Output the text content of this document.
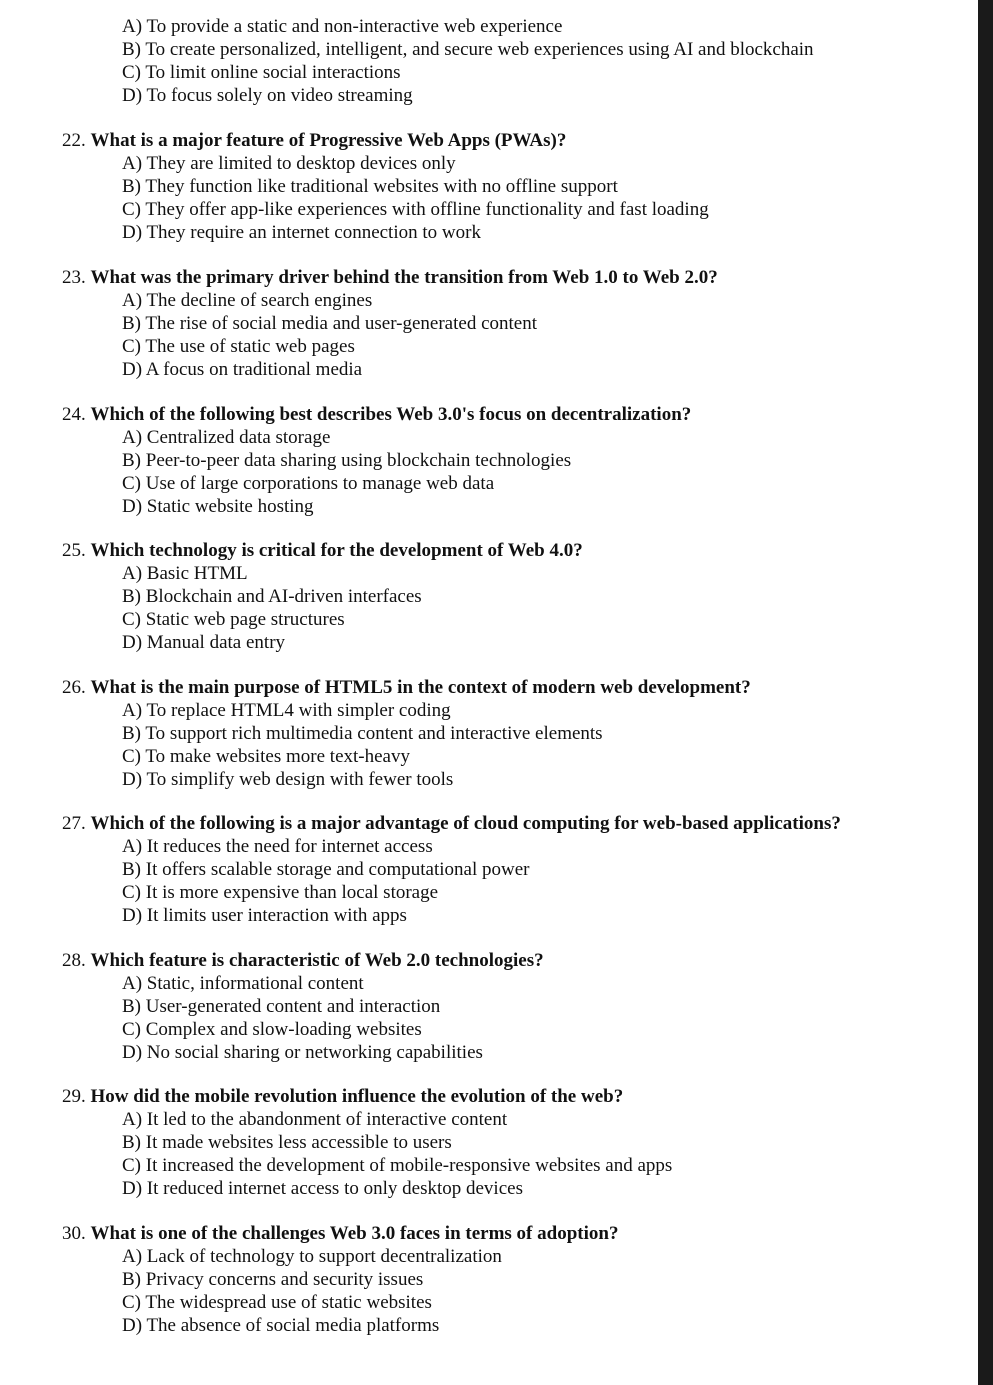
A) To provide a static and non-interactive web experience
B) To create personalized, intelligent, and secure web experiences using AI and blockchain
C) To limit online social interactions
D) To focus solely on video streaming
22. What is a major feature of Progressive Web Apps (PWAs)?
A) They are limited to desktop devices only
B) They function like traditional websites with no offline support
C) They offer app-like experiences with offline functionality and fast loading
D) They require an internet connection to work
23. What was the primary driver behind the transition from Web 1.0 to Web 2.0?
A) The decline of search engines
B) The rise of social media and user-generated content
C) The use of static web pages
D) A focus on traditional media
24. Which of the following best describes Web 3.0's focus on decentralization?
A) Centralized data storage
B) Peer-to-peer data sharing using blockchain technologies
C) Use of large corporations to manage web data
D) Static website hosting
25. Which technology is critical for the development of Web 4.0?
A) Basic HTML
B) Blockchain and AI-driven interfaces
C) Static web page structures
D) Manual data entry
26. What is the main purpose of HTML5 in the context of modern web development?
A) To replace HTML4 with simpler coding
B) To support rich multimedia content and interactive elements
C) To make websites more text-heavy
D) To simplify web design with fewer tools
27. Which of the following is a major advantage of cloud computing for web-based applications?
A) It reduces the need for internet access
B) It offers scalable storage and computational power
C) It is more expensive than local storage
D) It limits user interaction with apps
28. Which feature is characteristic of Web 2.0 technologies?
A) Static, informational content
B) User-generated content and interaction
C) Complex and slow-loading websites
D) No social sharing or networking capabilities
29. How did the mobile revolution influence the evolution of the web?
A) It led to the abandonment of interactive content
B) It made websites less accessible to users
C) It increased the development of mobile-responsive websites and apps
D) It reduced internet access to only desktop devices
30. What is one of the challenges Web 3.0 faces in terms of adoption?
A) Lack of technology to support decentralization
B) Privacy concerns and security issues
C) The widespread use of static websites
D) The absence of social media platforms
